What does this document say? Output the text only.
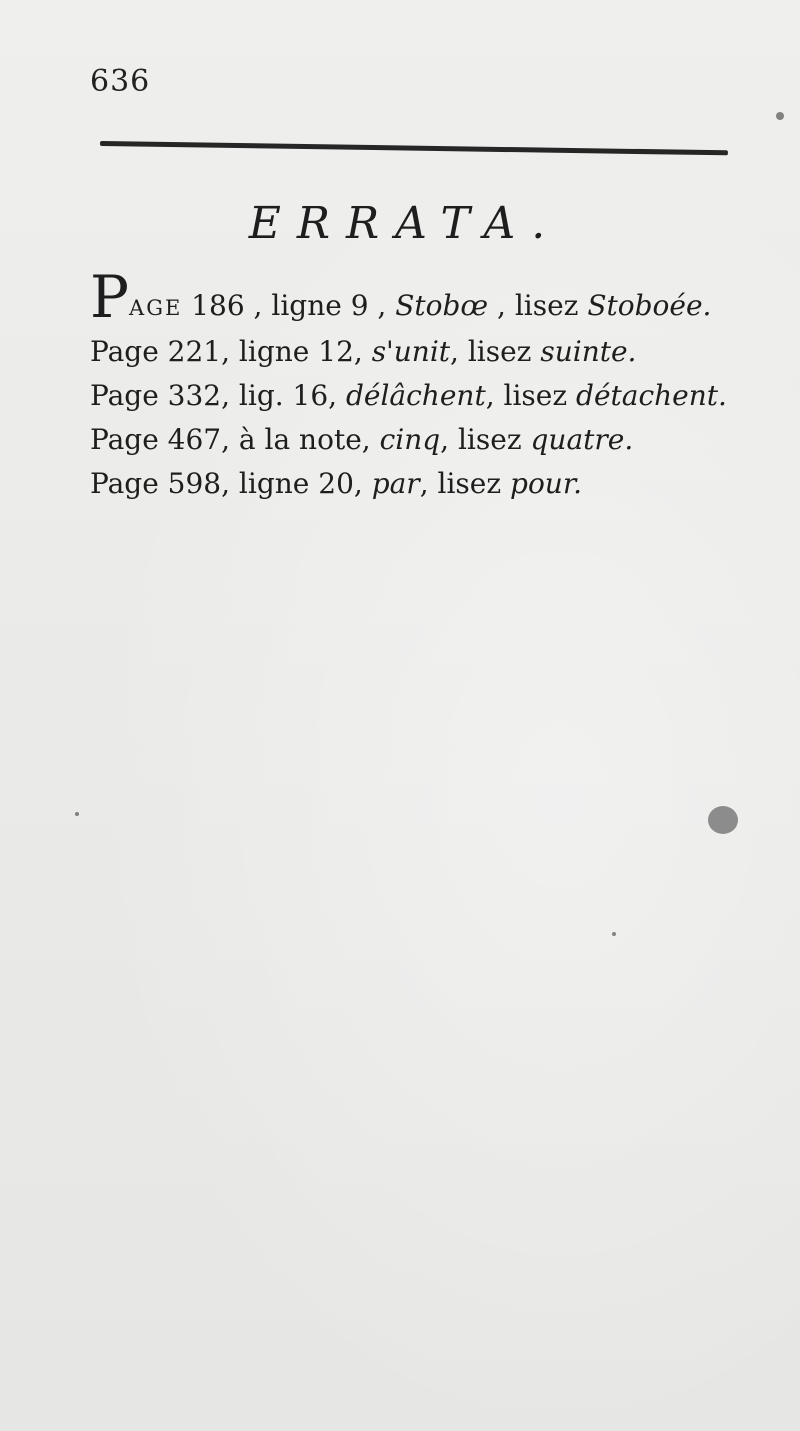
636
ERRATA.
PAGE 186 , ligne 9 , Stobœ , lisez Stoboée.
Page 221, ligne 12, s'unit, lisez suinte.
Page 332, lig. 16, délâchent, lisez détachent.
Page 467, à la note, cinq, lisez quatre.
Page 598, ligne 20, par, lisez pour.
